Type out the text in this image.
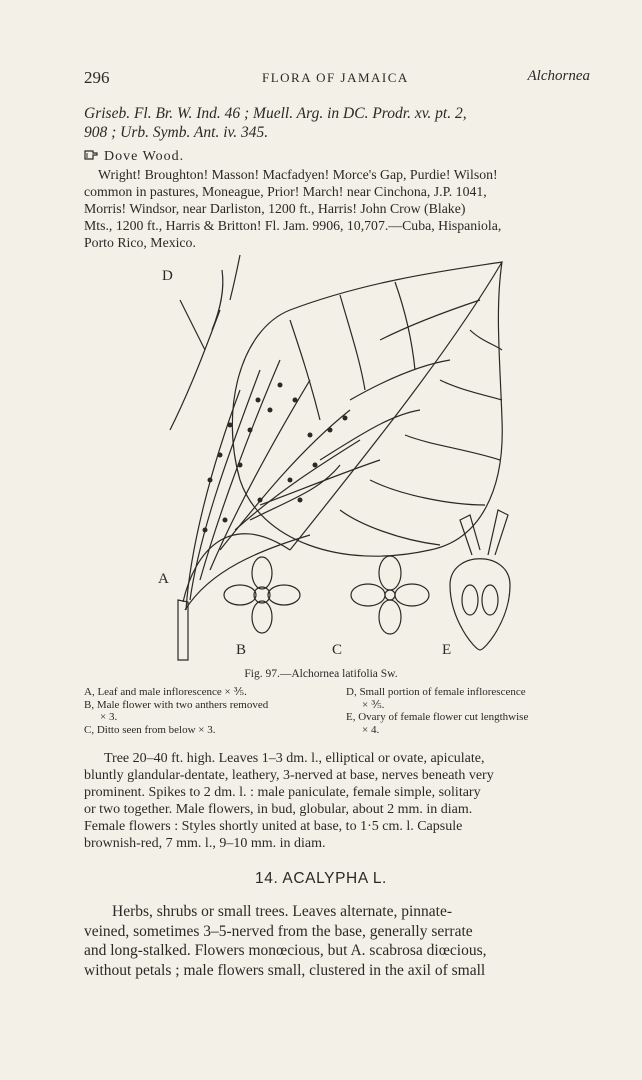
296	FLORA OF JAMAICA	Alchornea
Griseb. Fl. Br. W. Ind. 46 ; Muell. Arg. in DC. Prodr. xv. pt. 2,
908 ; Urb. Symb. Ant. iv. 345.
Dove Wood.
Wright! Broughton! Masson! Macfadyen! Morce's Gap, Purdie! Wilson!
common in pastures, Moneague, Prior! March! near Cinchona, J.P. 1041,
Morris! Windsor, near Darliston, 1200 ft., Harris! John Crow (Blake)
Mts., 1200 ft., Harris & Britton! Fl. Jam. 9906, 10,707.—Cuba, Hispaniola,
Porto Rico, Mexico.
D
A
B	C	E
Fig. 97.—Alchornea latifolia Sw.
A, Leaf and male inflorescence × ⅗.
B, Male flower with two anthers removed
× 3.
C, Ditto seen from below × 3.
D, Small portion of female inflorescence
× ⅗.
E, Ovary of female flower cut lengthwise
× 4.
Tree 20–40 ft. high. Leaves 1–3 dm. l., elliptical or ovate, apiculate,
bluntly glandular-dentate, leathery, 3-nerved at base, nerves beneath very
prominent. Spikes to 2 dm. l. : male paniculate, female simple, solitary
or two together. Male flowers, in bud, globular, about 2 mm. in diam.
Female flowers : Styles shortly united at base, to 1·5 cm. l. Capsule
brownish-red, 7 mm. l., 9–10 mm. in diam.
14. ACALYPHA L.
Herbs, shrubs or small trees. Leaves alternate, pinnate-
veined, sometimes 3–5-nerved from the base, generally serrate
and long-stalked. Flowers monœcious, but A. scabrosa diœcious,
without petals ; male flowers small, clustered in the axil of small
